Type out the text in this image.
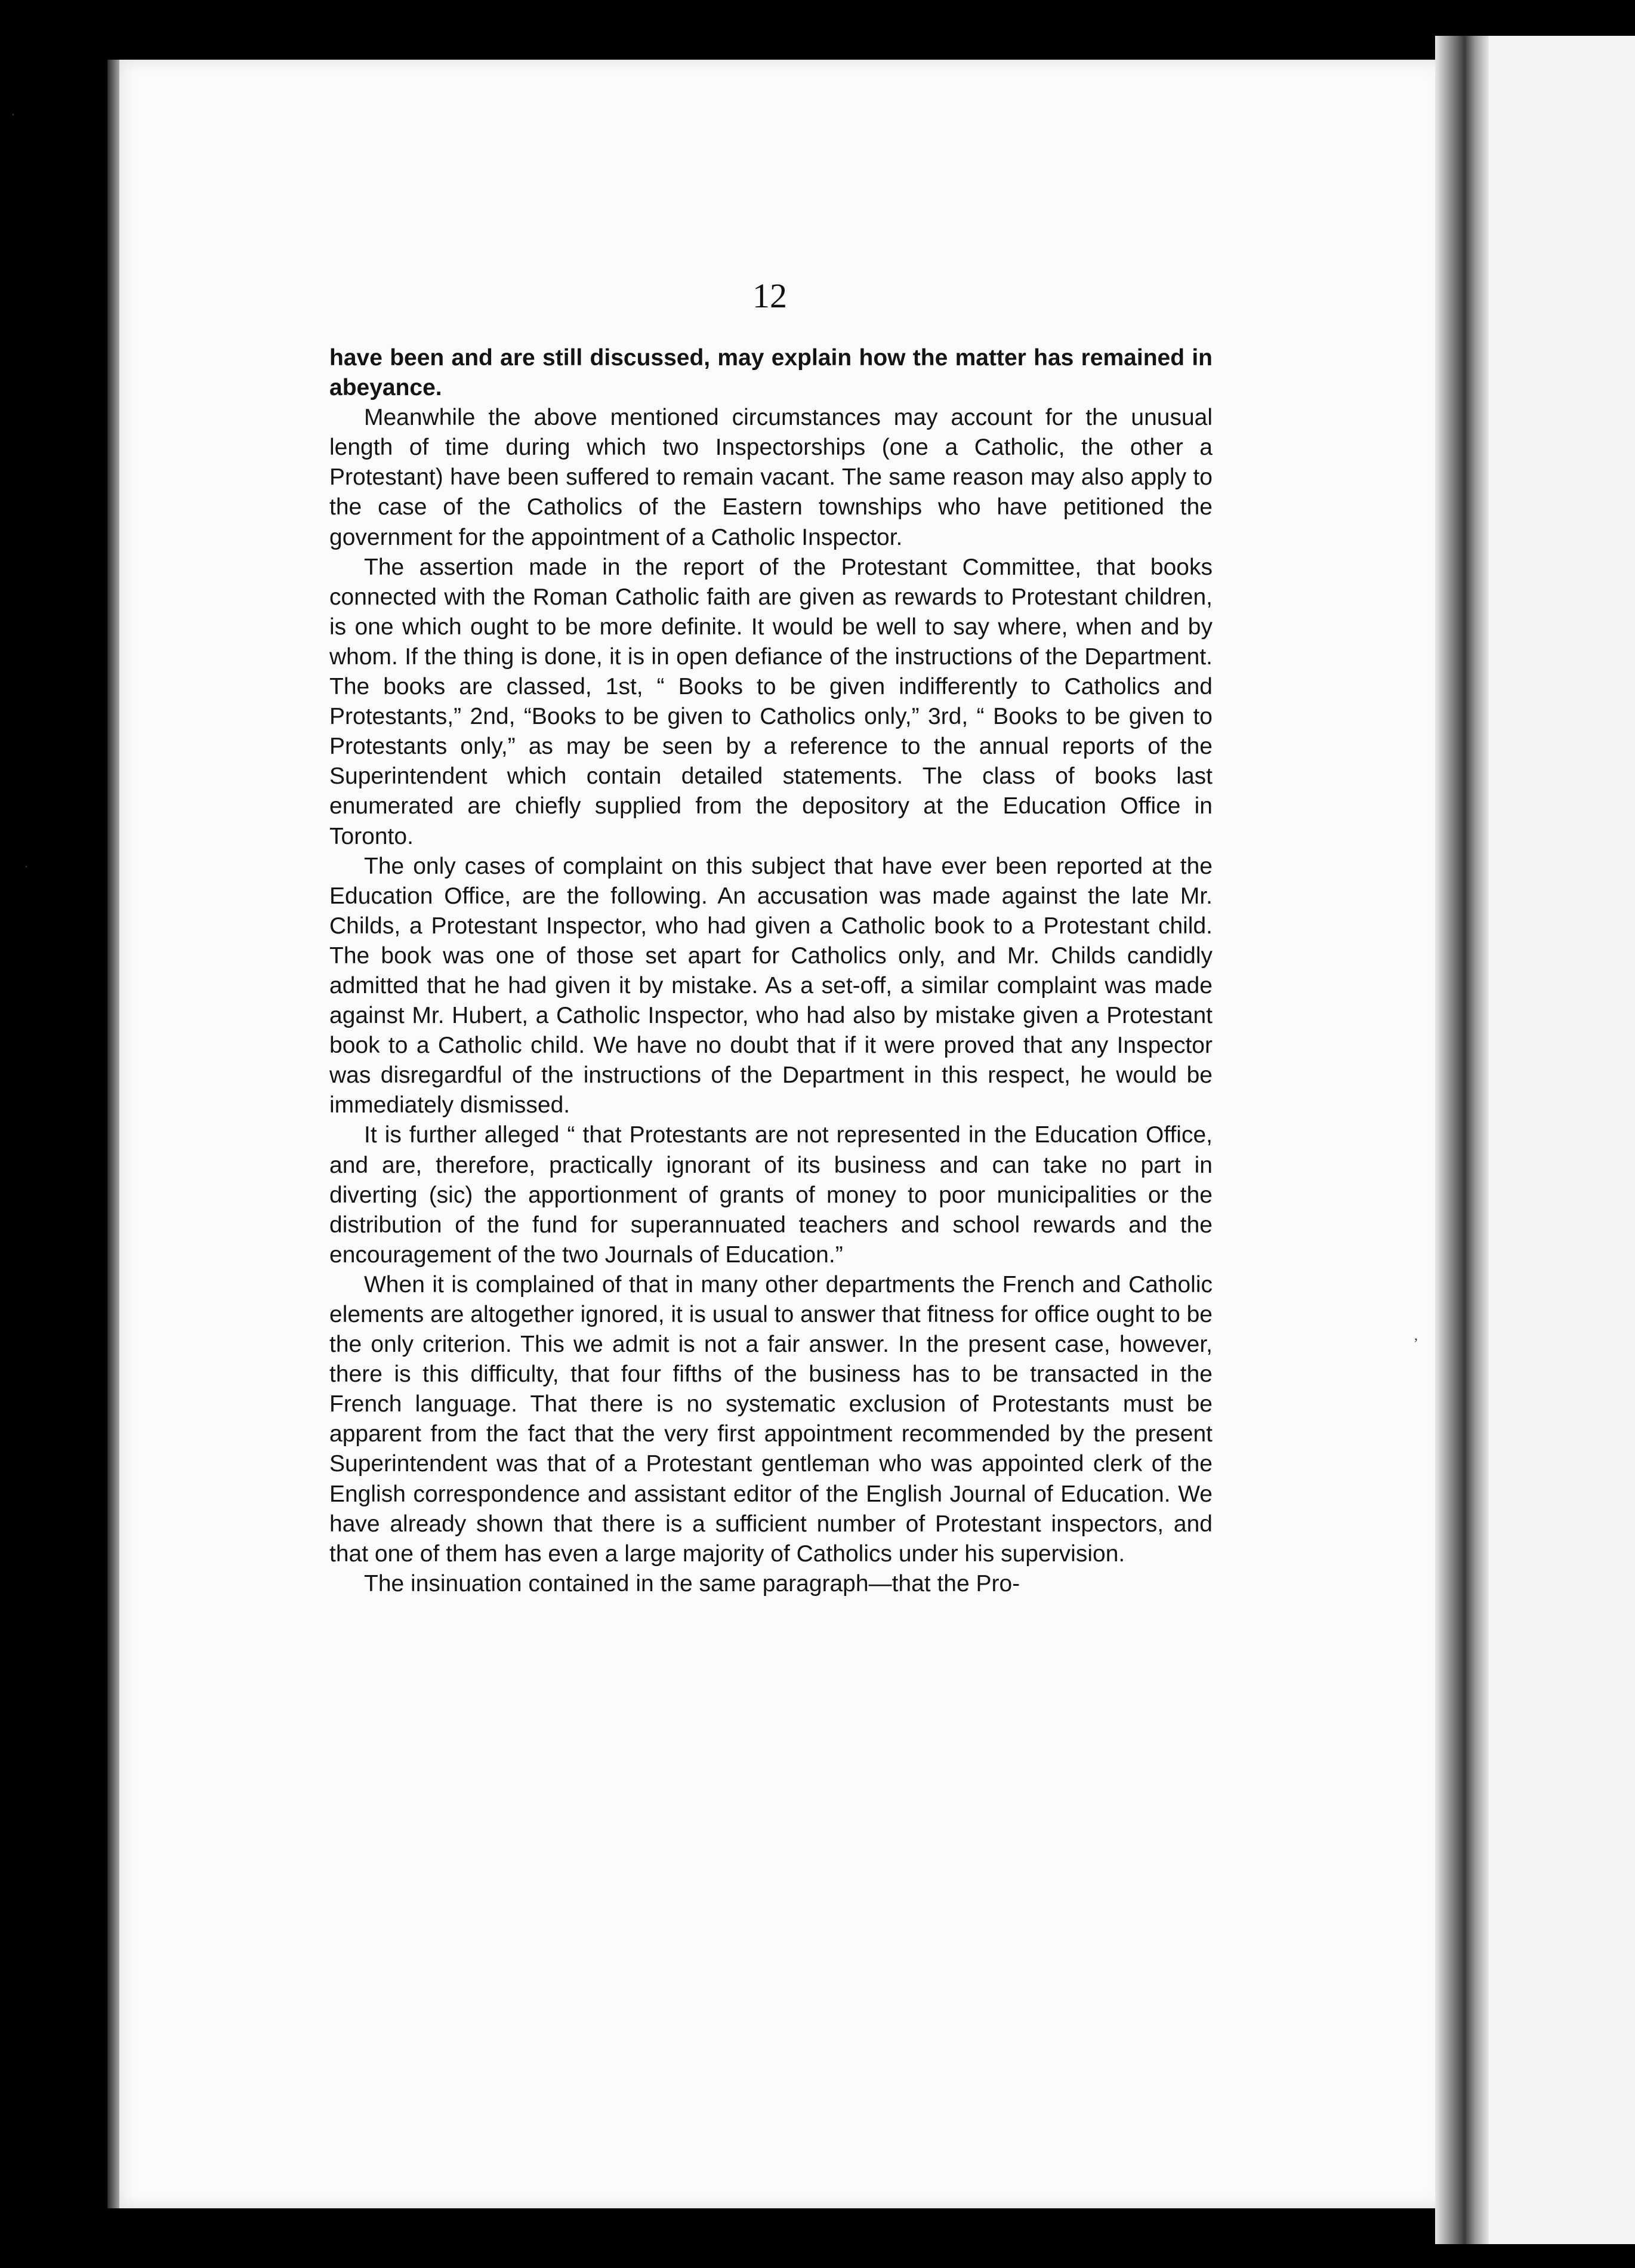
·
·
,
12

have been and are still discussed, may explain how the matter has remained in abeyance.

Meanwhile the above mentioned circumstances may account for the unusual length of time during which two Inspectorships (one a Catholic, the other a Protestant) have been suffered to remain vacant. The same reason may also apply to the case of the Catholics of the Eastern townships who have petitioned the government for the appointment of a Catholic Inspector.

The assertion made in the report of the Protestant Committee, that books connected with the Roman Catholic faith are given as rewards to Protestant children, is one which ought to be more definite. It would be well to say where, when and by whom. If the thing is done, it is in open defiance of the instructions of the Department. The books are classed, 1st, “ Books to be given indifferently to Catholics and Protestants,” 2nd, “Books to be given to Catholics only,” 3rd, “ Books to be given to Protestants only,” as may be seen by a reference to the annual reports of the Superintendent which contain detailed statements. The class of books last enumerated are chiefly supplied from the depository at the Education Office in Toronto.

The only cases of complaint on this subject that have ever been reported at the Education Office, are the following. An accusation was made against the late Mr. Childs, a Protestant Inspector, who had given a Catholic book to a Protestant child. The book was one of those set apart for Catholics only, and Mr. Childs candidly admitted that he had given it by mistake. As a set-off, a similar complaint was made against Mr. Hubert, a Catholic Inspector, who had also by mistake given a Protestant book to a Catholic child. We have no doubt that if it were proved that any Inspector was disregardful of the instructions of the Department in this respect, he would be immediately dismissed.

It is further alleged “ that Protestants are not represented in the Education Office, and are, therefore, practically ignorant of its business and can take no part in diverting (sic) the apportionment of grants of money to poor municipalities or the distribution of the fund for superannuated teachers and school rewards and the encouragement of the two Journals of Education.”

When it is complained of that in many other departments the French and Catholic elements are altogether ignored, it is usual to answer that fitness for office ought to be the only criterion. This we admit is not a fair answer. In the present case, however, there is this difficulty, that four fifths of the business has to be transacted in the French language. That there is no systematic exclusion of Protestants must be apparent from the fact that the very first appointment recommended by the present Superintendent was that of a Protestant gentleman who was appointed clerk of the English correspondence and assistant editor of the English Journal of Education. We have already shown that there is a sufficient number of Protestant inspectors, and that one of them has even a large majority of Catholics under his supervision.

The insinuation contained in the same paragraph—that the Pro-
